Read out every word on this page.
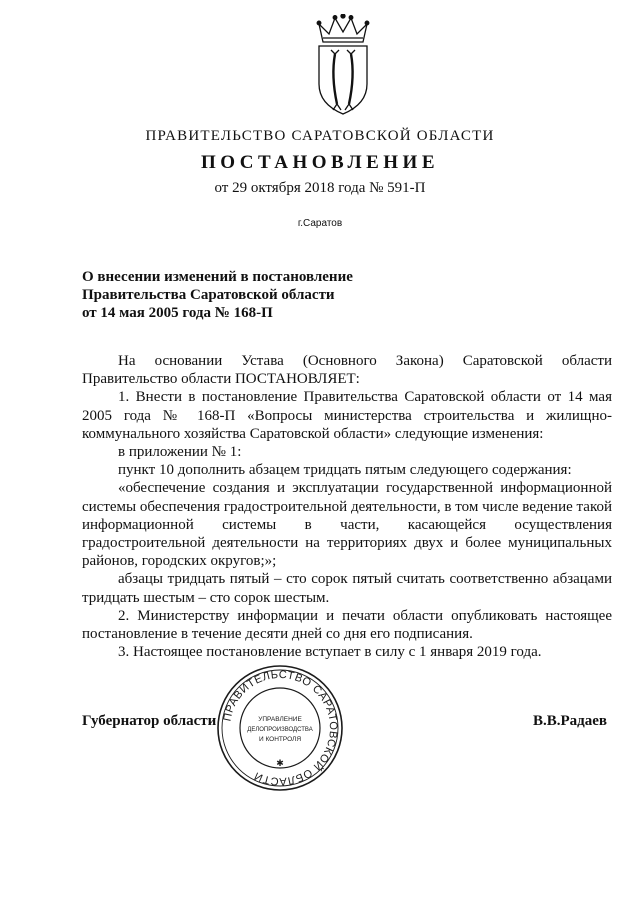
ПРАВИТЕЛЬСТВО САРАТОВСКОЙ ОБЛАСТИ
ПОСТАНОВЛЕНИЕ
от 29 октября 2018 года № 591-П
г.Саратов
О внесении изменений в постановление
Правительства Саратовской области
от 14 мая 2005 года № 168-П

На основании Устава (Основного Закона) Саратовской области Правительство области ПОСТАНОВЛЯЕТ:

1. Внести в постановление Правительства Саратовской области от 14 мая 2005 года № 168-П «Вопросы министерства строительства и жилищно-коммунального хозяйства Саратовской области» следующие изменения:

в приложении № 1:

пункт 10 дополнить абзацем тридцать пятым следующего содержания:

«обеспечение создания и эксплуатации государственной информационной системы обеспечения градостроительной деятельности, в том числе ведение такой информационной системы в части, касающейся осуществления градостроительной деятельности на территориях двух и более муниципальных районов, городских округов;»;

абзацы тридцать пятый – сто сорок пятый считать соответственно абзацами тридцать шестым – сто сорок шестым.

2. Министерству информации и печати области опубликовать настоящее постановление в течение десяти дней со дня его подписания.

3. Настоящее постановление вступает в силу с 1 января 2019 года.

Губернатор области	В.В.Радаев
ПРАВИТЕЛЬСТВО САРАТОВСКОЙ ОБЛАСТИ
✱
УПРАВЛЕНИЕ
ДЕЛОПРОИЗВОДСТВА
И КОНТРОЛЯ
